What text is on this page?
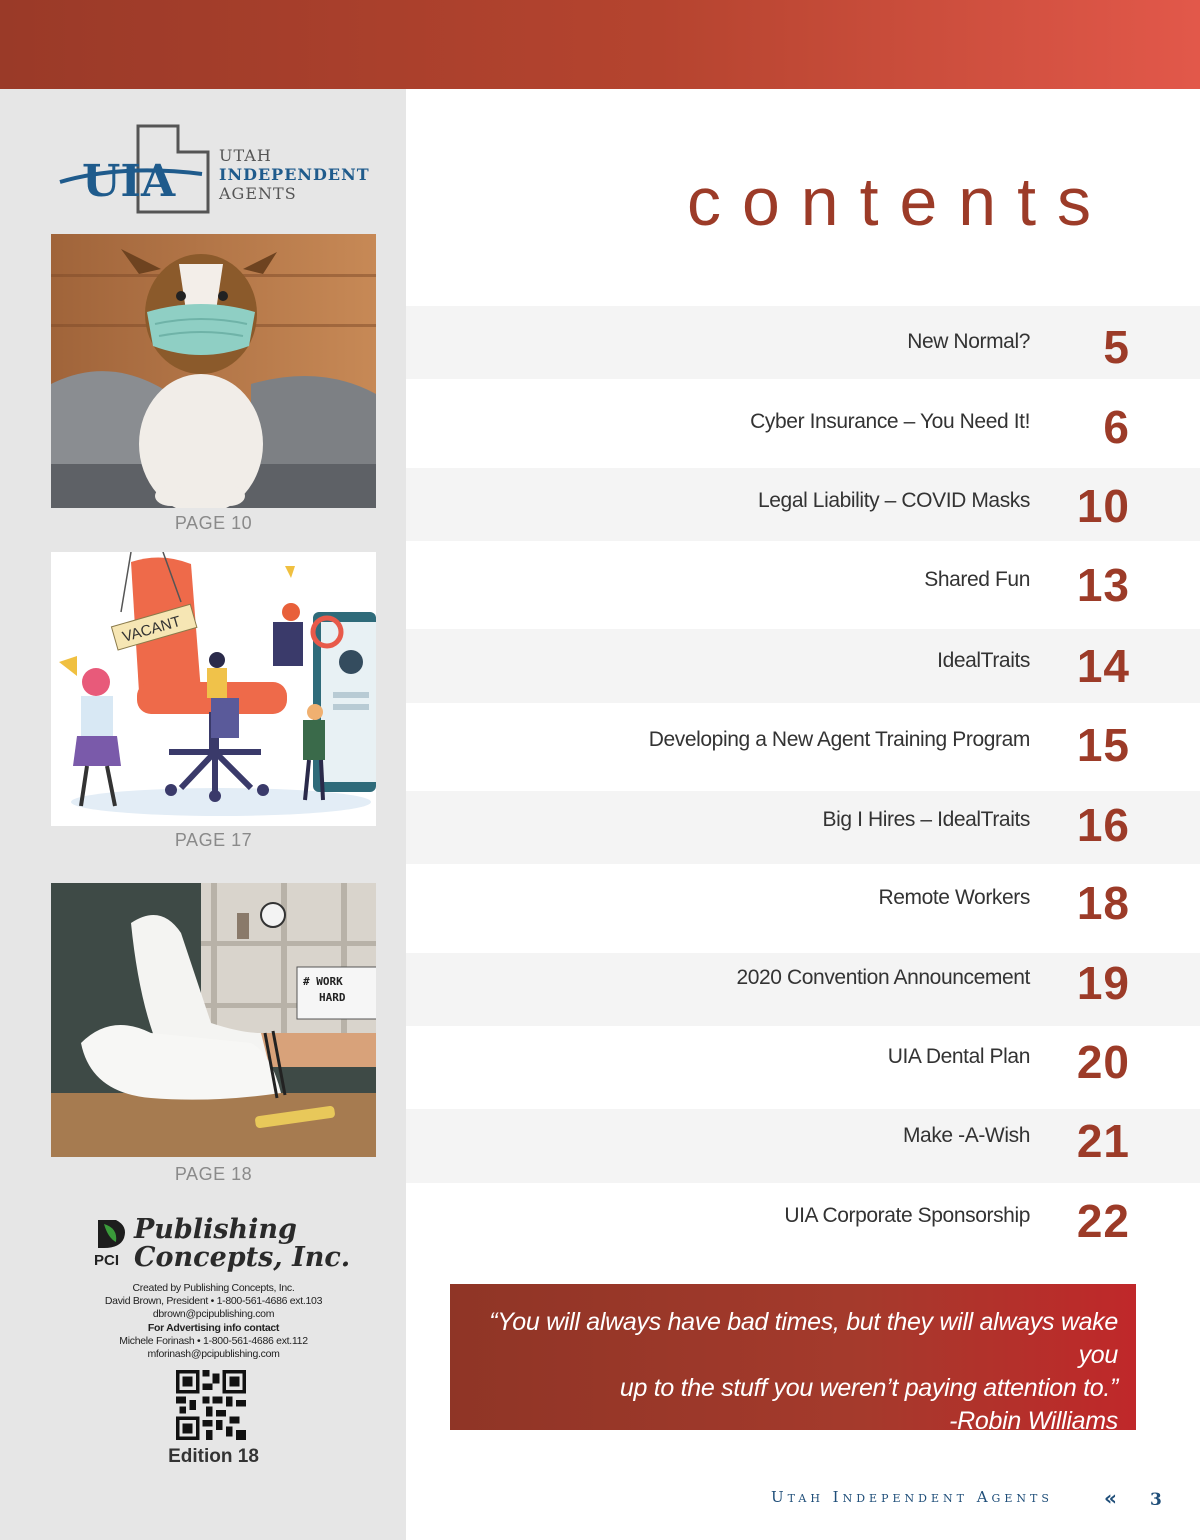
UIA
UTAH
INDEPENDENT
AGENTS
PAGE 10
VACANT
PAGE 17
# WORK
HARD
PAGE 18
PCI
Publishing
Concepts, Inc.
Created by Publishing Concepts, Inc.
David Brown, President • 1-800-561-4686 ext.103
dbrown@pcipublishing.com
For Advertising info contact
Michele Forinash • 1-800-561-4686 ext.112
mforinash@pcipublishing.com
Edition 18
contents
New Normal? 5
Cyber Insurance – You Need It! 6
Legal Liability – COVID Masks 10
Shared Fun 13
IdealTraits 14
Developing a New Agent Training Program 15
Big I Hires – IdealTraits 16
Remote Workers 18
2020 Convention Announcement 19
UIA Dental Plan 20
Make -A-Wish 21
UIA Corporate Sponsorship 22
“You will always have bad times, but they will always wake you
up to the stuff you weren’t paying attention to.”
-Robin Williams
Utah Independent Agents	« 3
